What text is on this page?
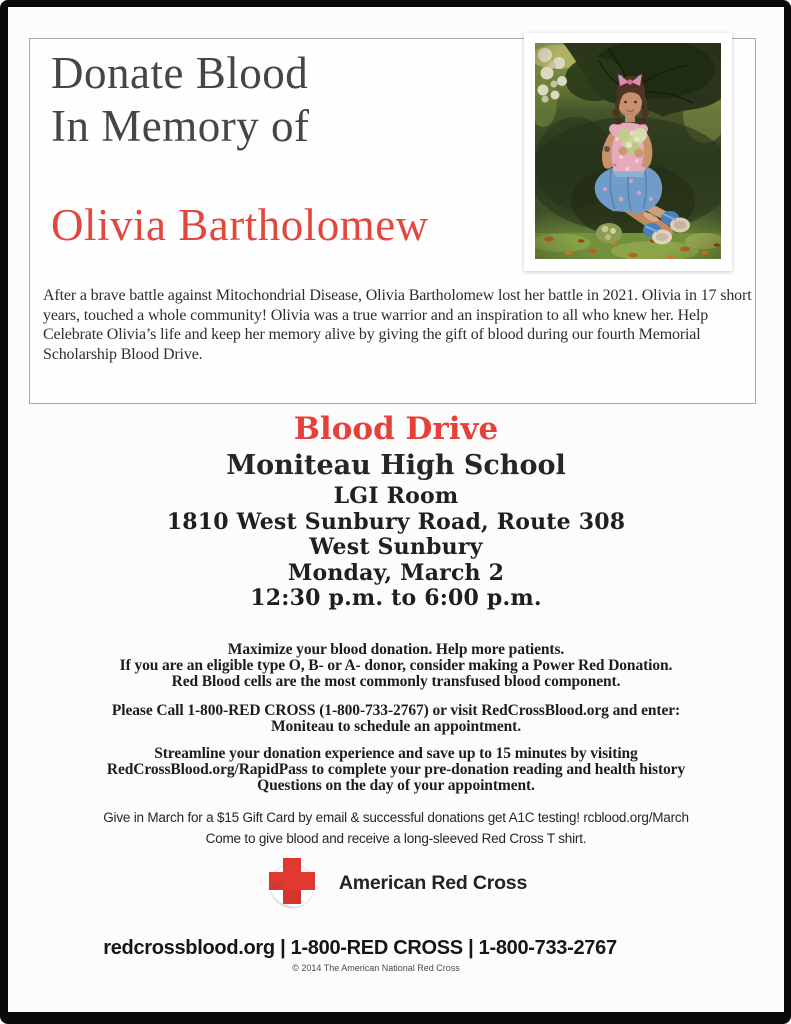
Donate Blood
In Memory of
Olivia Bartholomew

After a brave battle against Mitochondrial Disease, Olivia Bartholomew lost her battle in 2021. Olivia in 17 short years, touched a whole community! Olivia was a true warrior and an inspiration to all who knew her. Help Celebrate Olivia’s life and keep her memory alive by giving the gift of blood during our fourth Memorial Scholarship Blood Drive.

Blood Drive
Moniteau High School
LGI Room
1810 West Sunbury Road, Route 308
West Sunbury
Monday, March 2
12:30 p.m. to 6:00 p.m.
Maximize your blood donation. Help more patients.
If you are an eligible type O, B- or A- donor, consider making a Power Red Donation.
Red Blood cells are the most commonly transfused blood component.
Please Call 1-800-RED CROSS (1-800-733-2767) or visit RedCrossBlood.org and enter:
Moniteau to schedule an appointment.
Streamline your donation experience and save up to 15 minutes by visiting
RedCrossBlood.org/RapidPass to complete your pre-donation reading and health history
Questions on the day of your appointment.
Give in March for a $15 Gift Card by email & successful donations get A1C testing! rcblood.org/March
Come to give blood and receive a long-sleeved Red Cross T shirt.
American Red Cross
redcrossblood.org | 1-800-RED CROSS | 1-800-733-2767
© 2014 The American National Red Cross
